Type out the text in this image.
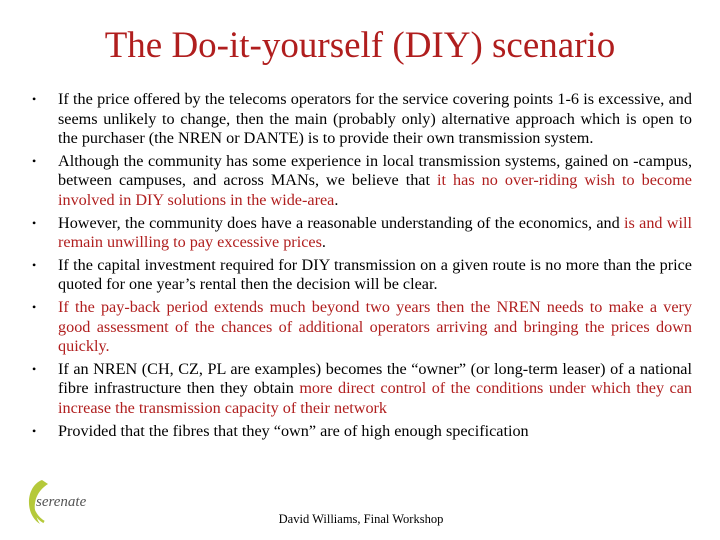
The Do-it-yourself (DIY) scenario
• If the price offered by the telecoms operators for the service covering points 1-6 is excessive, and seems unlikely to change, then the main (probably only) alternative approach which is open to the purchaser (the NREN or DANTE) is to provide their own transmission system.
• Although the community has some experience in local transmission systems, gained on -campus, between campuses, and across MANs, we believe that it has no over-riding wish to become involved in DIY solutions in the wide-area.
• However, the community does have a reasonable understanding of the economics, and is and will remain unwilling to pay excessive prices.
• If the capital investment required for DIY transmission on a given route is no more than the price quoted for one year’s rental then the decision will be clear.
• If the pay-back period extends much beyond two years then the NREN needs to make a very good assessment of the chances of additional operators arriving and bringing the prices down quickly.
• If an NREN (CH, CZ, PL are examples) becomes the “owner” (or long-term leaser) of a national fibre infrastructure then they obtain more direct control of the conditions under which they can increase the transmission capacity of their network
• Provided that the fibres that they “own” are of high enough specification
serenate
David Williams, Final Workshop
